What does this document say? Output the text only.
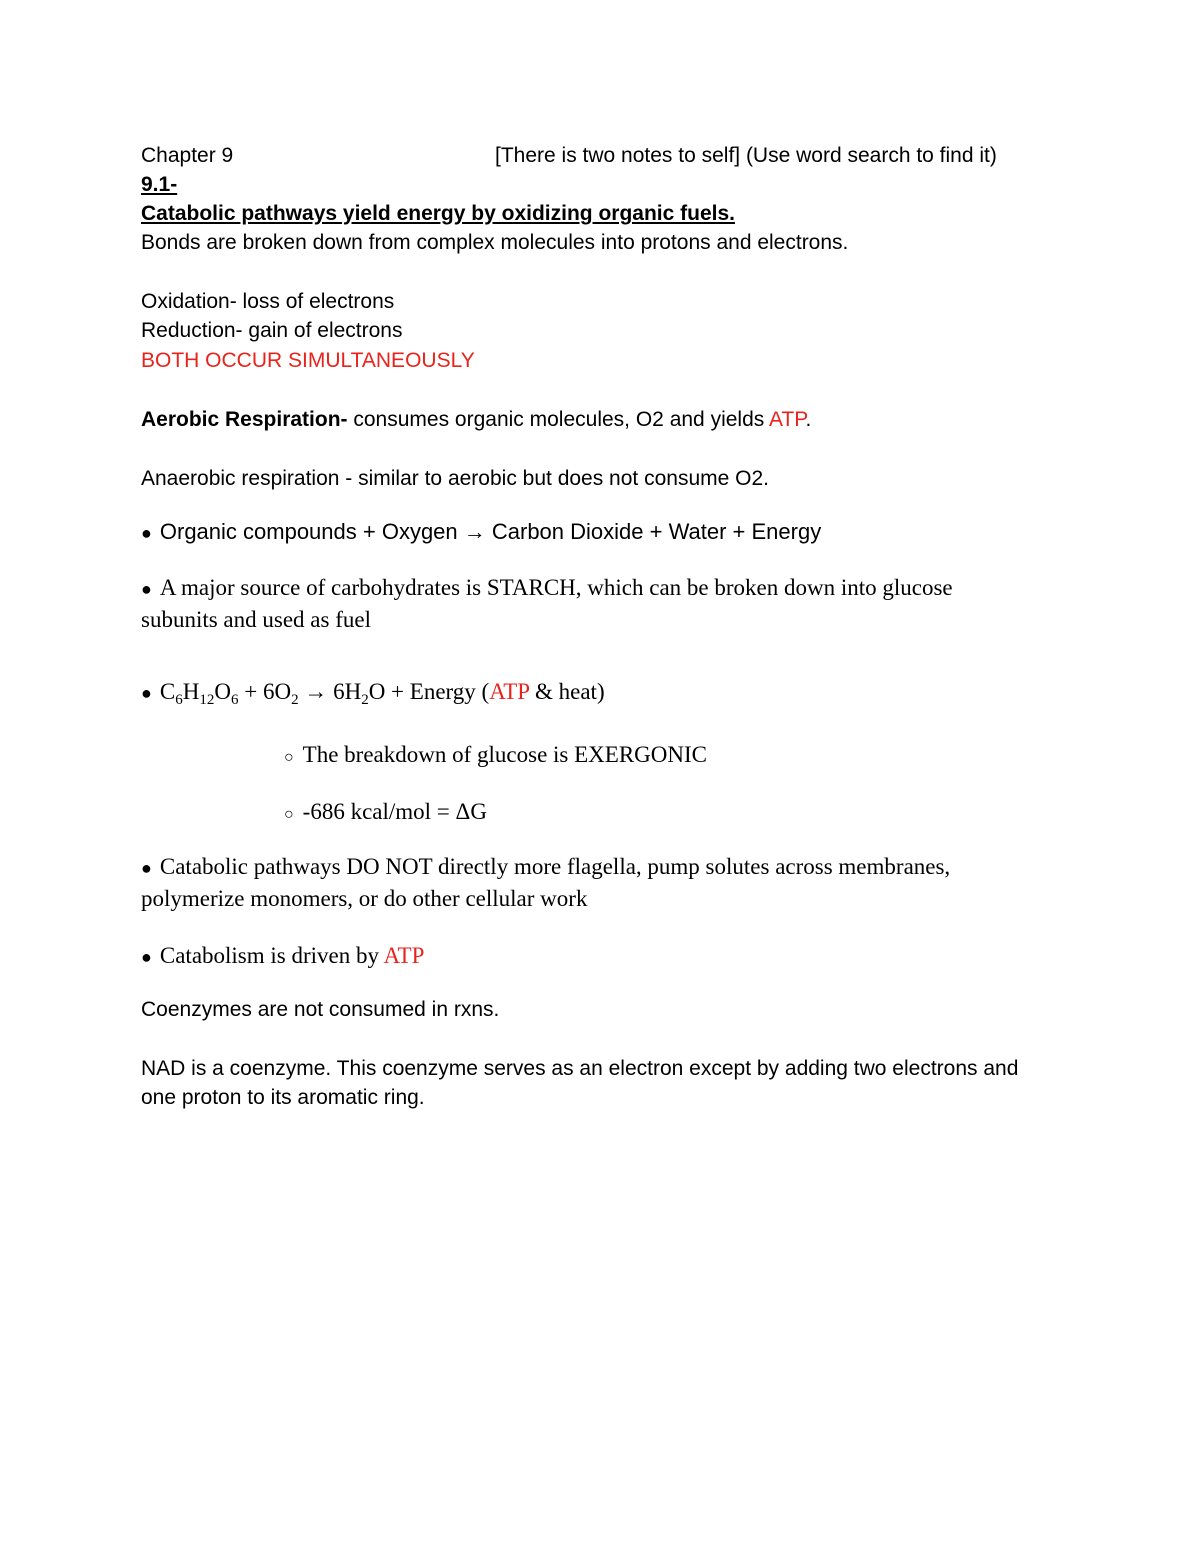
Chapter 9	[There is two notes to self] (Use word search to find it)
9.1-
Catabolic pathways yield energy by oxidizing organic fuels.
Bonds are broken down from complex molecules into protons and electrons.
Oxidation- loss of electrons
Reduction- gain of electrons
BOTH OCCUR SIMULTANEOUSLY
Aerobic Respiration- consumes organic molecules, O2 and yields ATP.
Anaerobic respiration - similar to aerobic but does not consume O2.
● Organic compounds + Oxygen → Carbon Dioxide + Water + Energy
● A major source of carbohydrates is STARCH, which can be broken down into glucose
subunits and used as fuel
● $C_6H_{12}O_6 + 6O_2 \to 6H_2O$ + Energy (ATP & heat)
○ The breakdown of glucose is EXERGONIC
○ -686 kcal/mol = ΔG
● Catabolic pathways DO NOT directly more flagella, pump solutes across membranes,
polymerize monomers, or do other cellular work
● Catabolism is driven by ATP
Coenzymes are not consumed in rxns.
NAD is a coenzyme. This coenzyme serves as an electron except by adding two electrons and
one proton to its aromatic ring.
